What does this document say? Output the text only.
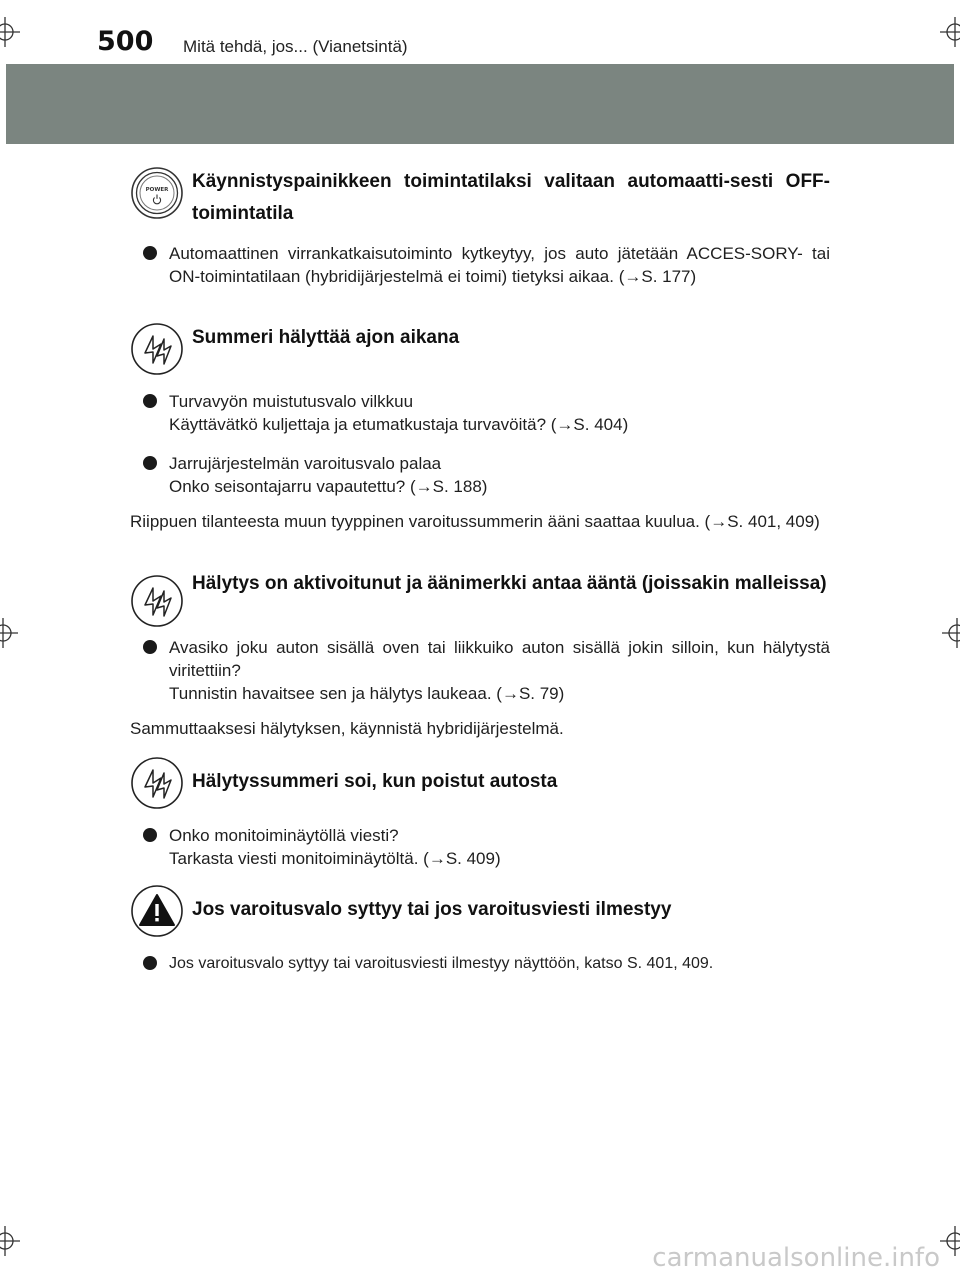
500 Mitä tehdä, jos... (Vianetsintä)
POWER Käynnistyspainikkeen toimintatilaksi valitaan automaatti-sesti OFF-toimintatila

Automaattinen virrankatkaisutoiminto kytkeytyy, jos auto jätetään ACCES-SORY- tai ON-toimintatilaan (hybridijärjestelmä ei toimi) tietyksi aikaa. (→S. 177)

Summeri hälyttää ajon aikana

Turvavyön muistutusvalo vilkkuu

Käyttävätkö kuljettaja ja etumatkustaja turvavöitä? (→S. 404)

Jarrujärjestelmän varoitusvalo palaa

Onko seisontajarru vapautettu? (→S. 188)

Riippuen tilanteesta muun tyyppinen varoitussummerin ääni saattaa kuulua. (→S. 401, 409)

Hälytys on aktivoitunut ja äänimerkki antaa ääntä (joissakin malleissa)

Avasiko joku auton sisällä oven tai liikkuiko auton sisällä jokin silloin, kun hälytystä viritettiin?

Tunnistin havaitsee sen ja hälytys laukeaa. (→S. 79)

Sammuttaaksesi hälytyksen, käynnistä hybridijärjestelmä.

Hälytyssummeri soi, kun poistut autosta

Onko monitoiminäytöllä viesti?

Tarkasta viesti monitoiminäytöltä. (→S. 409)

Jos varoitusvalo syttyy tai jos varoitusviesti ilmestyy

Jos varoitusvalo syttyy tai varoitusviesti ilmestyy näyttöön, katso S. 401, 409.

carmanualsonline.info
